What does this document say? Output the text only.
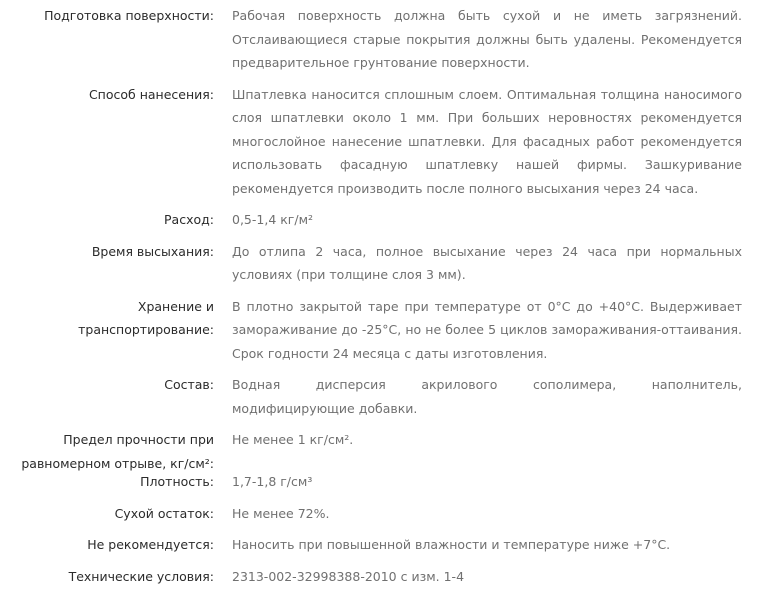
Подготовка поверхности: Рабочая поверхность должна быть сухой и не иметь загрязнений. Отслаивающиеся старые покрытия должны быть удалены. Рекомендуется предварительное грунтование поверхности.
Способ нанесения: Шпатлевка наносится сплошным слоем. Оптимальная толщина наносимого слоя шпатлевки около 1 мм. При больших неровностях рекомендуется многослойное нанесение шпатлевки. Для фасадных работ рекомендуется использовать фасадную шпатлевку нашей фирмы. Зашкуривание рекомендуется производить после полного высыхания через 24 часа.
Расход: 0,5-1,4 кг/м²
Время высыхания: До отлипа 2 часа, полное высыхание через 24 часа при нормальных условиях (при толщине слоя 3 мм).
Хранение и транспортирование:
В плотно закрытой таре при температуре от 0°С до +40°С. Выдерживает замораживание до -25°С, но не более 5 циклов замораживания-оттаивания. Срок годности 24 месяца с даты изготовления.
Состав: Водная дисперсия акрилового сополимера, наполнитель, модифицирующие добавки.
Предел прочности при равномерном отрыве, кг/см²:
Не менее 1 кг/см².
Плотность: 1,7-1,8 г/см³
Сухой остаток: Не менее 72%.
Не рекомендуется: Наносить при повышенной влажности и температуре ниже +7°С.
Технические условия: 2313-002-32998388-2010 с изм. 1-4
